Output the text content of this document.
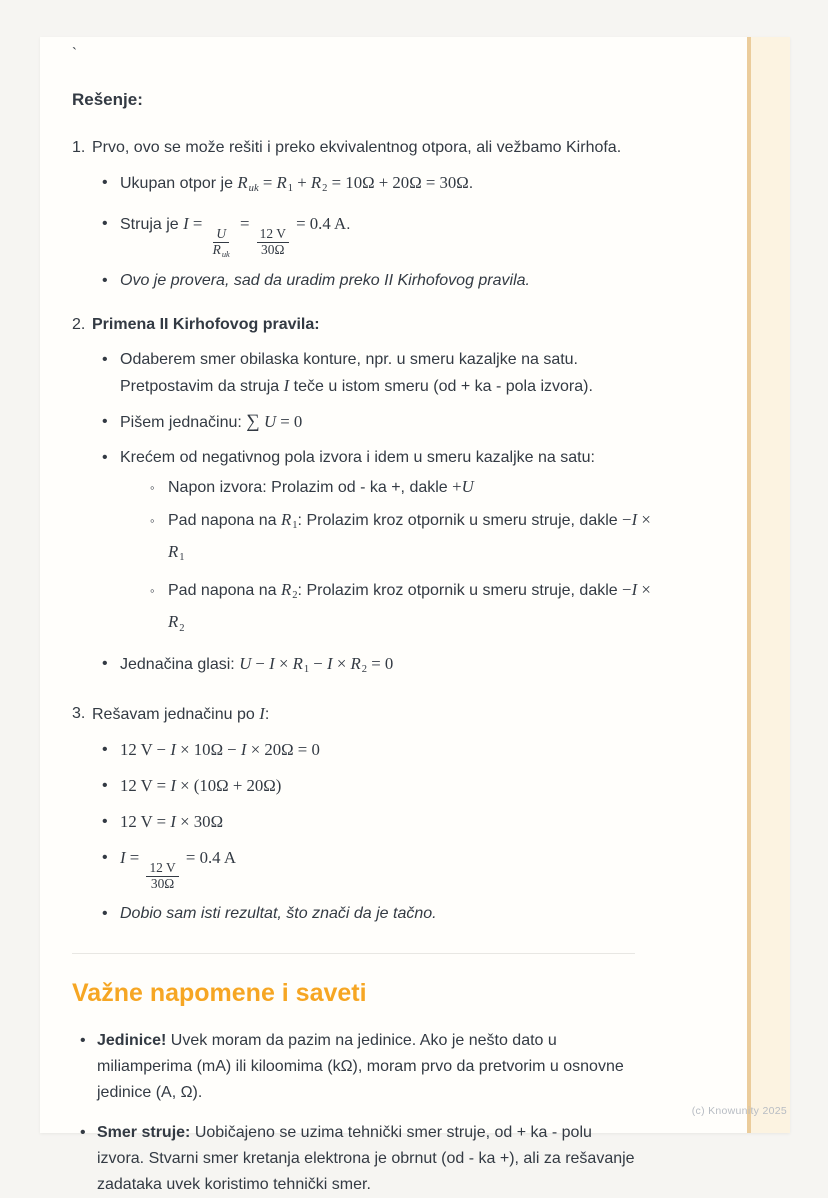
`
Rešenje:
1. Prvo, ovo se može rešiti i preko ekvivalentnog otpora, ali vežbamo Kirhofa.
• Ukupan otpor je Ruk = R1 + R2 = 10Ω + 20Ω = 30Ω.
• Struja je I =
$\frac{U}{\text{Ruk}}$
=
$\frac{12 V}{30\Omega}$
= 0.4 A.
• Ovo je provera, sad da uradim preko II Kirhofovog pravila.
2. Primena II Kirhofovog pravila:
• Odaberem smer obilaska konture, npr. u smeru kazaljke na satu.
Pretpostavim da struja I teče u istom smeru (od + ka - pola izvora).
• Pišem jednačinu: ∑ U = 0
• Krećem od negativnog pola izvora i idem u smeru kazaljke na satu:
◦ Napon izvora: Prolazim od - ka +, dakle +U
◦ Pad napona na R1: Prolazim kroz otpornik u smeru struje, dakle −I ×
R1
◦ Pad napona na R2: Prolazim kroz otpornik u smeru struje, dakle −I ×
R2
• Jednačina glasi: U − I × R1 − I × R2 = 0
3. Rešavam jednačinu po I:
• 12 V − I × 10Ω − I × 20Ω = 0
• 12 V = I × (10Ω + 20Ω)
• 12 V = I × 30Ω
• I =
$\frac{12 V}{30\Omega}$
= 0.4 A
• Dobio sam isti rezultat, što znači da je tačno.
Važne napomene i saveti
• Jedinice! Uvek moram da pazim na jedinice. Ako je nešto dato u
miliamperima (mA) ili kiloomima (kΩ), moram prvo da pretvorim u osnovne
jedinice (A, Ω).
• Smer struje: Uobičajeno se uzima tehnički smer struje, od + ka - polu
izvora. Stvarni smer kretanja elektrona je obrnut (od - ka +), ali za rešavanje
zadataka uvek koristimo tehnički smer.
(c) Knowunity 2025
